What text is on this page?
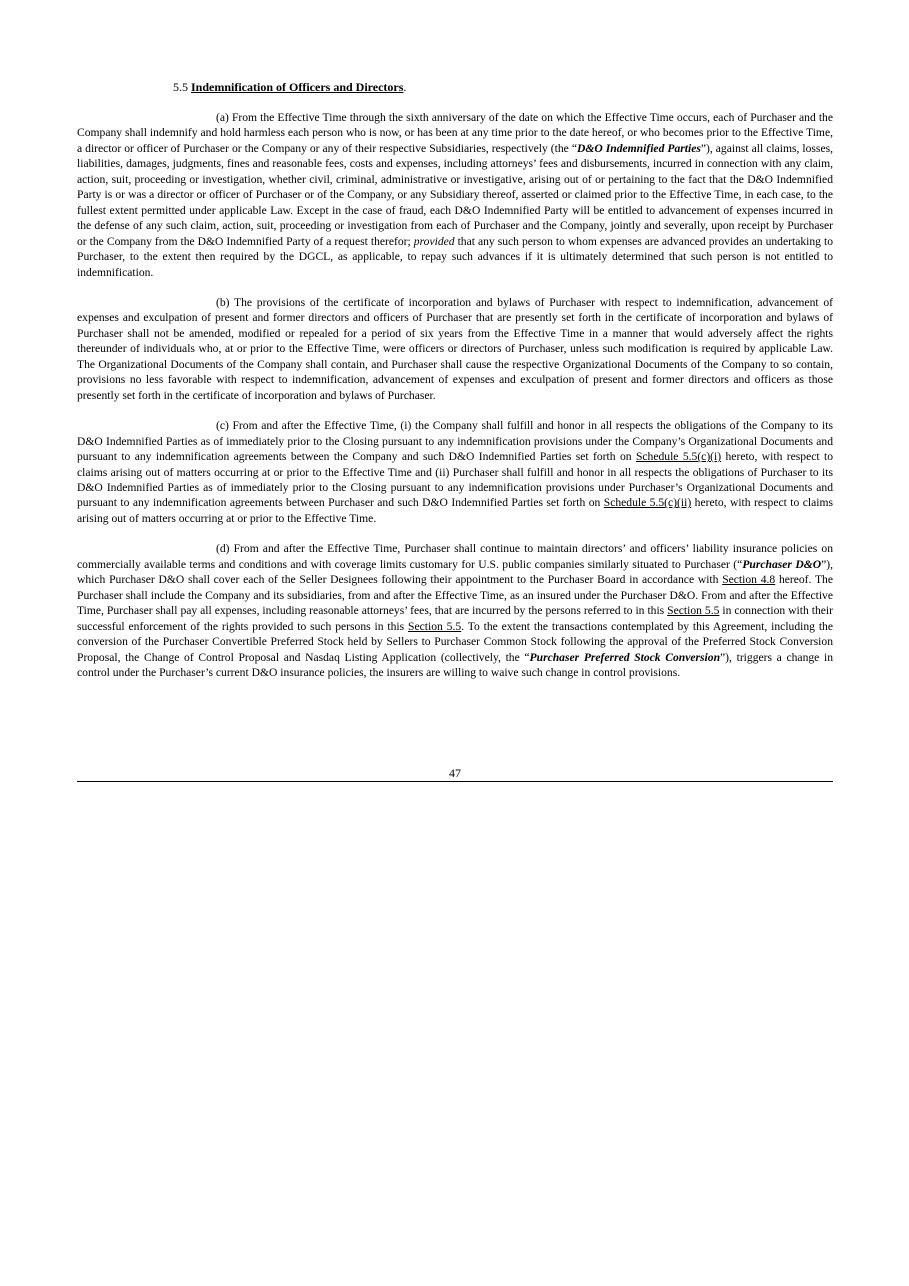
5.5 Indemnification of Officers and Directors.

(a) From the Effective Time through the sixth anniversary of the date on which the Effective Time occurs, each of Purchaser and the Company shall indemnify and hold harmless each person who is now, or has been at any time prior to the date hereof, or who becomes prior to the Effective Time, a director or officer of Purchaser or the Company or any of their respective Subsidiaries, respectively (the “D&O Indemnified Parties”), against all claims, losses, liabilities, damages, judgments, fines and reasonable fees, costs and expenses, including attorneys’ fees and disbursements, incurred in connection with any claim, action, suit, proceeding or investigation, whether civil, criminal, administrative or investigative, arising out of or pertaining to the fact that the D&O Indemnified Party is or was a director or officer of Purchaser or of the Company, or any Subsidiary thereof, asserted or claimed prior to the Effective Time, in each case, to the fullest extent permitted under applicable Law. Except in the case of fraud, each D&O Indemnified Party will be entitled to advancement of expenses incurred in the defense of any such claim, action, suit, proceeding or investigation from each of Purchaser and the Company, jointly and severally, upon receipt by Purchaser or the Company from the D&O Indemnified Party of a request therefor; provided that any such person to whom expenses are advanced provides an undertaking to Purchaser, to the extent then required by the DGCL, as applicable, to repay such advances if it is ultimately determined that such person is not entitled to indemnification.

(b) The provisions of the certificate of incorporation and bylaws of Purchaser with respect to indemnification, advancement of expenses and exculpation of present and former directors and officers of Purchaser that are presently set forth in the certificate of incorporation and bylaws of Purchaser shall not be amended, modified or repealed for a period of six years from the Effective Time in a manner that would adversely affect the rights thereunder of individuals who, at or prior to the Effective Time, were officers or directors of Purchaser, unless such modification is required by applicable Law. The Organizational Documents of the Company shall contain, and Purchaser shall cause the respective Organizational Documents of the Company to so contain, provisions no less favorable with respect to indemnification, advancement of expenses and exculpation of present and former directors and officers as those presently set forth in the certificate of incorporation and bylaws of Purchaser.

(c) From and after the Effective Time, (i) the Company shall fulfill and honor in all respects the obligations of the Company to its D&O Indemnified Parties as of immediately prior to the Closing pursuant to any indemnification provisions under the Company’s Organizational Documents and pursuant to any indemnification agreements between the Company and such D&O Indemnified Parties set forth on Schedule 5.5(c)(i) hereto, with respect to claims arising out of matters occurring at or prior to the Effective Time and (ii) Purchaser shall fulfill and honor in all respects the obligations of Purchaser to its D&O Indemnified Parties as of immediately prior to the Closing pursuant to any indemnification provisions under Purchaser’s Organizational Documents and pursuant to any indemnification agreements between Purchaser and such D&O Indemnified Parties set forth on Schedule 5.5(c)(ii) hereto, with respect to claims arising out of matters occurring at or prior to the Effective Time.

(d) From and after the Effective Time, Purchaser shall continue to maintain directors’ and officers’ liability insurance policies on commercially available terms and conditions and with coverage limits customary for U.S. public companies similarly situated to Purchaser (“Purchaser D&O”), which Purchaser D&O shall cover each of the Seller Designees following their appointment to the Purchaser Board in accordance with Section 4.8 hereof. The Purchaser shall include the Company and its subsidiaries, from and after the Effective Time, as an insured under the Purchaser D&O. From and after the Effective Time, Purchaser shall pay all expenses, including reasonable attorneys’ fees, that are incurred by the persons referred to in this Section 5.5 in connection with their successful enforcement of the rights provided to such persons in this Section 5.5. To the extent the transactions contemplated by this Agreement, including the conversion of the Purchaser Convertible Preferred Stock held by Sellers to Purchaser Common Stock following the approval of the Preferred Stock Conversion Proposal, the Change of Control Proposal and Nasdaq Listing Application (collectively, the “Purchaser Preferred Stock Conversion”), triggers a change in control under the Purchaser’s current D&O insurance policies, the insurers are willing to waive such change in control provisions.

47
